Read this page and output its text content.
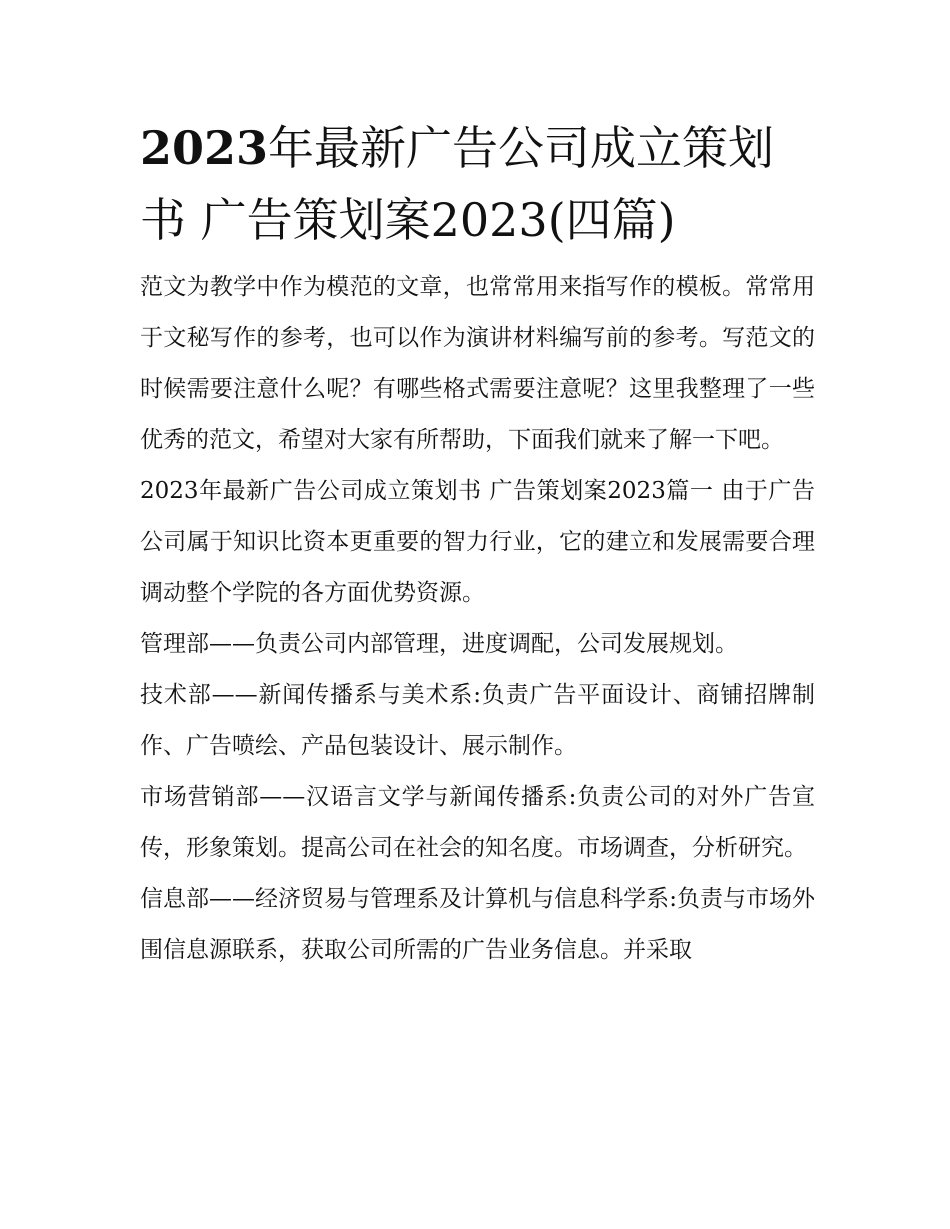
2023年最新广告公司成立策划书 广告策划案2023(四篇)

范文为教学中作为模范的文章，也常常用来指写作的模板。常常用于文秘写作的参考，也可以作为演讲材料编写前的参考。写范文的时候需要注意什么呢？有哪些格式需要注意呢？这里我整理了一些优秀的范文，希望对大家有所帮助，下面我们就来了解一下吧。

2023年最新广告公司成立策划书 广告策划案2023篇一 由于广告公司属于知识比资本更重要的智力行业，它的建立和发展需要合理调动整个学院的各方面优势资源。

管理部——负责公司内部管理，进度调配，公司发展规划。

技术部——新闻传播系与美术系:负责广告平面设计、商铺招牌制作、广告喷绘、产品包装设计、展示制作。

市场营销部——汉语言文学与新闻传播系:负责公司的对外广告宣传，形象策划。提高公司在社会的知名度。市场调查，分析研究。

信息部——经济贸易与管理系及计算机与信息科学系:负责与市场外围信息源联系，获取公司所需的广告业务信息。并采取
